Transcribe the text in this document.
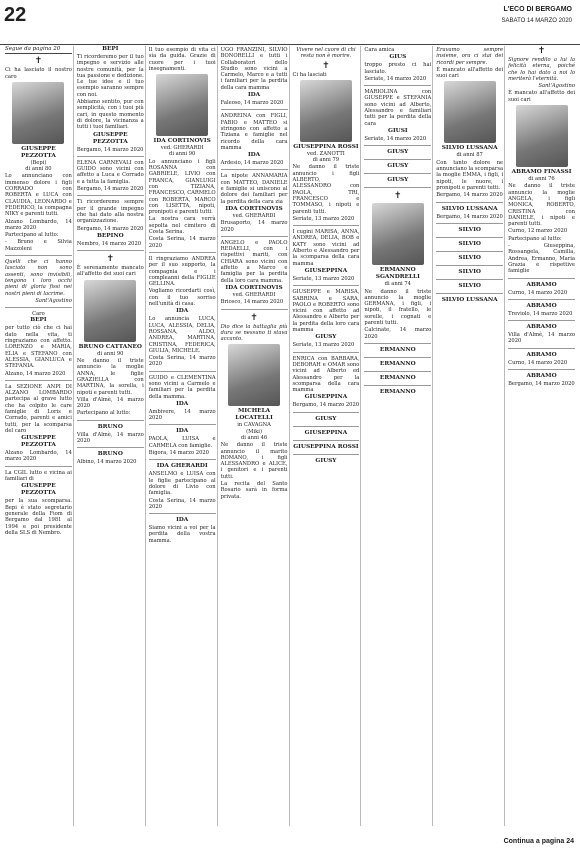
22	L'ECO DI BERGAMO
SABATO 14 MARZO 2020
Segue da pagina 20
✝
Ci ha lasciato il nostro caro
GIUSEPPE PEZZOTTA
(Bepi)
di anni 80
Lo annunciano con immenso dolore i figli CORRADO con ROBERTA e LUCA con CLAUDIA, LEONARDO e FEDERICO, la compagna NIKY e parenti tutti.
Alzano Lombardo, 14 marzo 2020
Partecipano al lutto:
- Bruno e Silvia Mazzoleni
Quelli che ci hanno lasciato non sono assenti, sono invisibili, tengono i loro occhi pieni di gloria fissi nei nostri pieni di lacrime.
Sant'Agostino
Caro
BEPI
per tutto ciò che ci hai dato nella vita, ti ringraziamo con affetto. LORENZO e MARIA, ELIA e STEFANO con ALESSIA, GIANLUCA e STEFANIA.
Alzano, 14 marzo 2020
La SEZIONE ANPI DI ALZANO LOMBARDO partecipa al grave lutto che ha colpito le care famiglie di Loris e Corrado, parenti e amici tutti, per la scomparsa del caro
GIUSEPPE PEZZOTTA
Alzano Lombardo, 14 marzo 2020
La CGIL lutto e vicina ai familiari di
GIUSEPPE PEZZOTTA
per la sua scomparsa. Bepi è stato segretario generale della Fiom di Bergamo dal 1981 al 1994 e poi presidente della SLS di Nembro.
BEPI
Ti ricorderemo per il tuo impegno e servizio alle nostre comunità, per la tua passione e dedizione. Le tue idee e il tuo esempio saranno sempre con noi.
Abbiamo sentito, pur con semplicità, con i tuoi più cari, in questo momento di dolore, la vicinanza a tutti i tuoi familiari.
GIUSEPPE PEZZOTTA
Bergamo, 14 marzo 2020
ELENA CARNEVALI con GUIDO sono vicini con affetto a Luca e Corrado e a tutta la famiglia.
Bergamo, 14 marzo 2020
Ti ricorderemo sempre per il grande impegno che hai dato alla nostra organizzazione.
Bergamo, 14 marzo 2020
BEPINO
Nembro, 14 marzo 2020
✝
È serenamente mancato all'affetto dei suoi cari
BRUNO CATTANEO
di anni 90
Ne danno il triste annuncio la moglie ANNA, le figlie GRAZIELLA con MARTINA, la sorella, i nipoti e parenti tutti.
Villa d'Almè, 14 marzo 2020
Partecipano al lutto:
BRUNO
Villa d'Almè, 14 marzo 2020
BRUNO
Albino, 14 marzo 2020
Il tuo esempio di vita ci sia da guida. Grazie di cuore per i tuoi insegnamenti.
IDA CORTINOVIS
ved. GHERARDI
di anni 90
Lo annunciano i figli ROSANNA con GABRIELE, LIVIO con FRANCA, GIANLUIGI con TIZIANA, FRANCESCO, CARMELO con ROBERTA, MARCO con LISETTA, nipoti, pronipoti e parenti tutti.
La nostra cara verrà sepolta nel cimitero di Costa Serina.
Costa Serina, 14 marzo 2020
Il ringraziamo ANDREA per il suo supporto, la compagnia e i compleanni della FIGLIE GELLINA.
Vogliamo ricordarti così, con il tuo sorriso nell'unità di casa.
IDA
Lo annuncia LUCA, LUCA, ALESSIA, DELIA, ROSSANA, ALDO, ANDREA, MARTINA, CRISTINA, FEDERICA, GIULIA, MICHELE.
Costa Serina, 14 marzo 2020
GUIDO e CLEMENTINA sono vicini a Carmelo e familiari per la perdita della mamma.
IDA
Ambivere, 14 marzo 2020
IDA
PAOLA, LUISA e CARMELA con famiglie.
Bigora, 14 marzo 2020
IDA GHERARDI
ANSELMO e LUISA con le figlie partecipano al dolore di Livio con famiglia.
Costa Serina, 14 marzo 2020
IDA
Siamo vicini a voi per la perdita della vostra mamma.
UGO FRANZINI, SILVIO BONORELLI e tutti i Collaboratori dello Studio sono vicini a Carmelo, Marco e a tutti i familiari per la perdita della cara mamma
IDA
Faleoso, 14 marzo 2020
ANDREINA con FIGLI, FABIO e MATTEO si stringono con affetto a Tiziana e famiglie nel ricordo della cara mamma
IDA
Ardesio, 14 marzo 2020
La nipote ANNAMARIA con MATTEO, DANIELE e famiglie si uniscono al dolore dei familiari per la perdita della cara zia
IDA CORTINOVIS
ved. GHERARDI
Brusaporto, 14 marzo 2020
ANGELO e PAOLO REDAELLI, con i rispettivi mariti, con CHIARA sono vicini con affetto a Marco e famiglia per la perdita della loro cara mamma.
IDA CORTINOVIS
ved. GHERARDI
Briosco, 14 marzo 2020
✝
Dio dice la battaglia più dura se nessuno ti stava accanto.
MICHELA LOCATELLI
in CAVAGNA
(Miki)
di anni 46
Ne danno il triste annuncio il marito ROMANO, i figli ALESSANDRO e ALICE, i genitori e i parenti tutti.
La recita del Santo Rosario sarà in forma privata.
Vivere nel cuore di chi resta non è morire.
✝
Ci ha lasciati
GIUSEPPINA ROSSI
ved. ZANOTTI
di anni 79
Ne danno il triste annuncio i figli ALBERTO, ALESSANDRO con PAOLA, TRI, FRANCESCO e TOMMASO, i nipoti e parenti tutti.
Seriate, 13 marzo 2020
I cugini MARISA, ANNA, ANDREA, DELIA, BOB e KATY sono vicini ad Alberto e Alessandro per la scomparsa della cara mamma
GIUSEPPINA
Seriate, 13 marzo 2020
GIUSEPPE e MARISA, SABRINA e SARA, PAOLO e ROBERTO sono vicini con affetto ad Alessandro e Alberto per la perdita della loro cara mamma
GIUSY
Seriate, 13 marzo 2020
ENRICA con BARBARA, DEBORAH e OMAR sono vicini ad Alberto ed Alessandro per la scomparsa della cara mamma
GIUSEPPINA
Bergamo, 14 marzo 2020
GIUSY
GIUSEPPINA
GIUSEPPINA ROSSI
GIUSY
Cara amica
GIUS
troppo presto ci hai lasciato.
Seriate, 14 marzo 2020
MARIOLINA con GIUSEPPE e STEFANIA sono vicini ad Alberto, Alessandro e familiari tutti per la perdita della cara
GIUSI
Seriate, 14 marzo 2020
GIUSY
GIUSY
GIUSY
✝
ERMANNO SGANDRELLI
di anni 74
Ne danno il triste annuncio la moglie GERMANA, i figli, i nipoti, il fratello, le sorelle, i cognati e parenti tutti.
Calcinate, 14 marzo 2020
ERMANNO
ERMANNO
ERMANNO
ERMANNO
Eravamo sempre insieme, ora ci stai dei ricordi per sempre.
È mancato all'affetto dei suoi cari
SILVIO LUSSANA
di anni 87
Con tanto dolore ne annunciano la scomparsa la moglie EMMA, i figli, i nipoti, le nuore, i pronipoti e parenti tutti.
Bergamo, 14 marzo 2020
SILVIO LUSSANA
Bergamo, 14 marzo 2020
SILVIO
SILVIO
SILVIO
SILVIO
SILVIO
SILVIO LUSSANA
✝
Signore rendilo a lui la felicità eterna, poiché che lo hai dato a noi lo meriterà l'eternità.
Sant'Agostino
È mancato all'affetto dei suoi cari
ABRAMO FINASSI
di anni 76
Ne danno il triste annuncio la moglie ANGELA, i figli MONICA, ROBERTO, CRISTINA con DANIELE, i nipoti e parenti tutti.
Curno, 12 marzo 2020
Partecipano al lutto:
- Giuseppina, Rossangela, Camilla, Andrea, Ermanno, Maria Grazia e rispettive famiglie
ABRAMO
Curno, 14 marzo 2020
ABRAMO
Treviolo, 14 marzo 2020
ABRAMO
Villa d'Almè, 14 marzo 2020
ABRAMO
Curno, 14 marzo 2020
ABRAMO
Bergamo, 14 marzo 2020
Continua a pagina 24
